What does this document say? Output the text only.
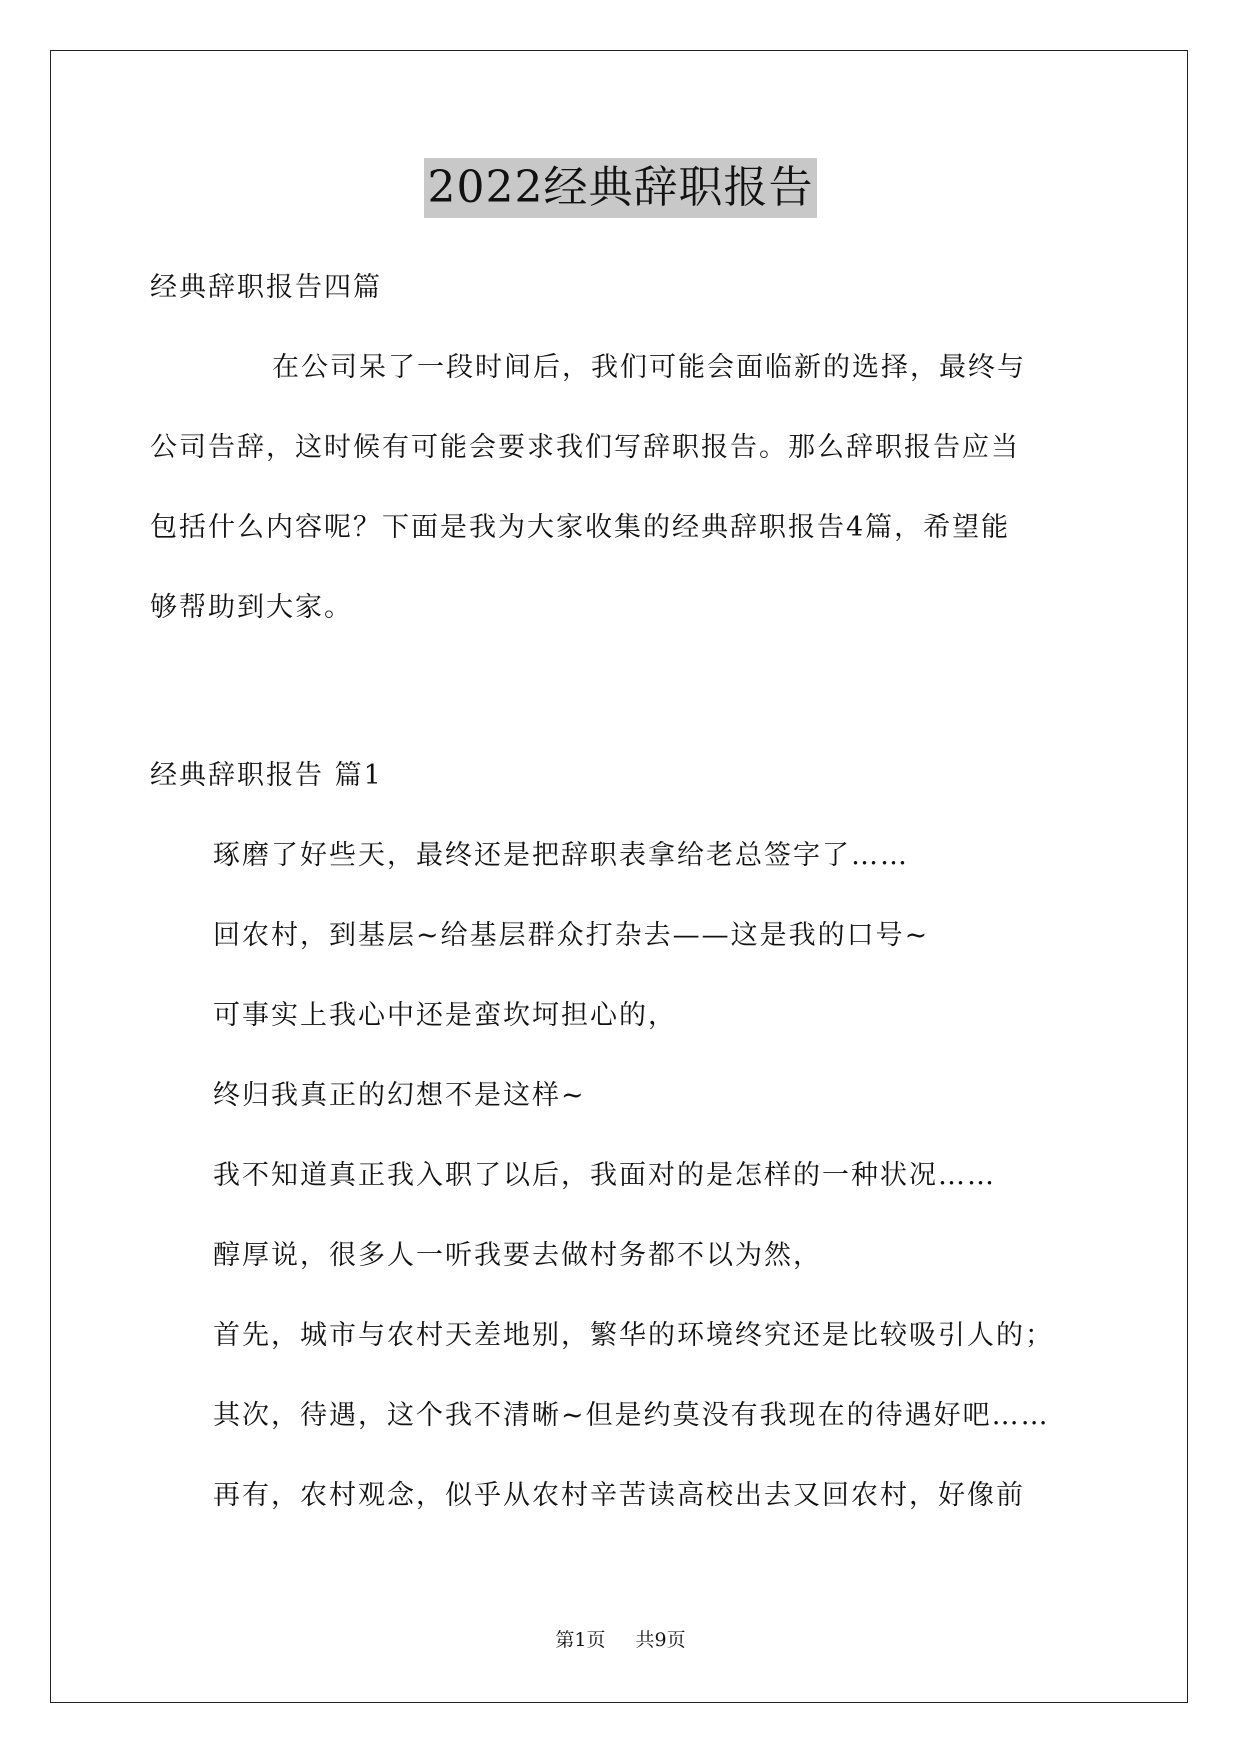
2022经典辞职报告
经典辞职报告四篇
在公司呆了一段时间后，我们可能会面临新的选择，最终与
公司告辞，这时候有可能会要求我们写辞职报告。那么辞职报告应当
包括什么内容呢？下面是我为大家收集的经典辞职报告4篇，希望能
够帮助到大家。
经典辞职报告 篇1
琢磨了好些天，最终还是把辞职表拿给老总签字了……
回农村，到基层~给基层群众打杂去——这是我的口号~
可事实上我心中还是蛮坎坷担心的，
终归我真正的幻想不是这样~
我不知道真正我入职了以后，我面对的是怎样的一种状况……
醇厚说，很多人一听我要去做村务都不以为然，
首先，城市与农村天差地别，繁华的环境终究还是比较吸引人的；
其次，待遇，这个我不清晰~但是约莫没有我现在的待遇好吧……
再有，农村观念，似乎从农村辛苦读高校出去又回农村，好像前
第1页 共9页
